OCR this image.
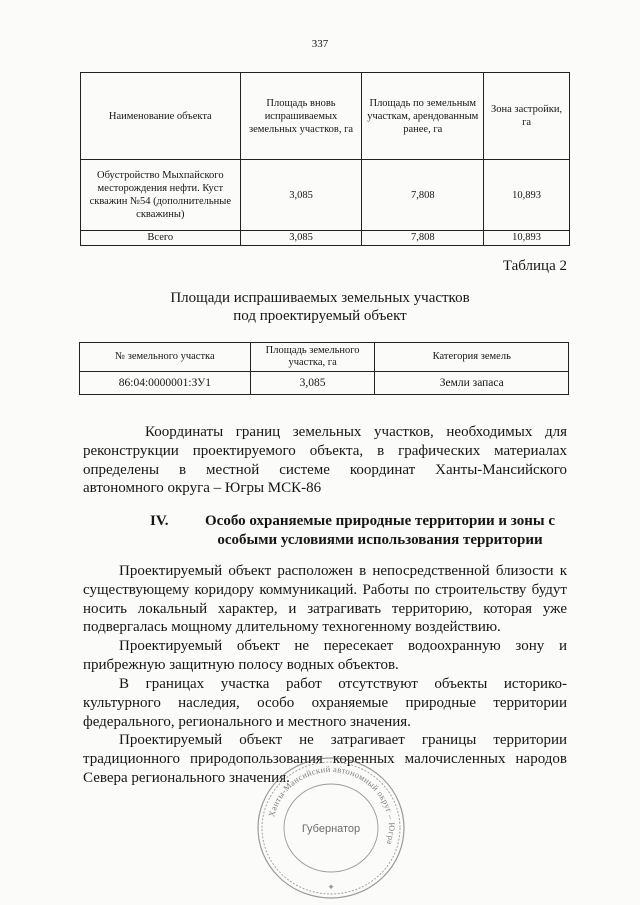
337
Наименование объекта	Площадь вновь испрашиваемых земельных участков, га	Площадь по земельным участкам, арендованным ранее, га	Зона застройки, га
Обустройство Мыхпайского месторождения нефти. Куст скважин №54 (дополнительные скважины)	3,085	7,808	10,893
Всего	3,085	7,808	10,893
Таблица 2
Площади испрашиваемых земельных участков
под проектируемый объект
№ земельного участка	Площадь земельного участка, га	Категория земель
86:04:0000001:ЗУ1	3,085	Земли запаса
Координаты границ земельных участков, необходимых для реконструкции проектируемого объекта, в графических материалах определены в местной системе координат Ханты-Мансийского автономного округа – Югры МСК-86
IV.	Особо охраняемые природные территории и зоны с особыми условиями использования территории
Проектируемый объект расположен в непосредственной близости к существующему коридору коммуникаций. Работы по строительству будут носить локальный характер, и затрагивать территорию, которая уже подвергалась мощному длительному техногенному воздействию.
Проектируемый объект не пересекает водоохранную зону и прибрежную защитную полосу водных объектов.
В границах участка работ отсутствуют объекты историко-культурного наследия, особо охраняемые природные территории федерального, регионального и местного значения.
Проектируемый объект не затрагивает границы территории традиционного природопользования коренных малочисленных народов Севера регионального значения.
Ханты-Мансийский автономный округ – Югра
Губернатор
✦
